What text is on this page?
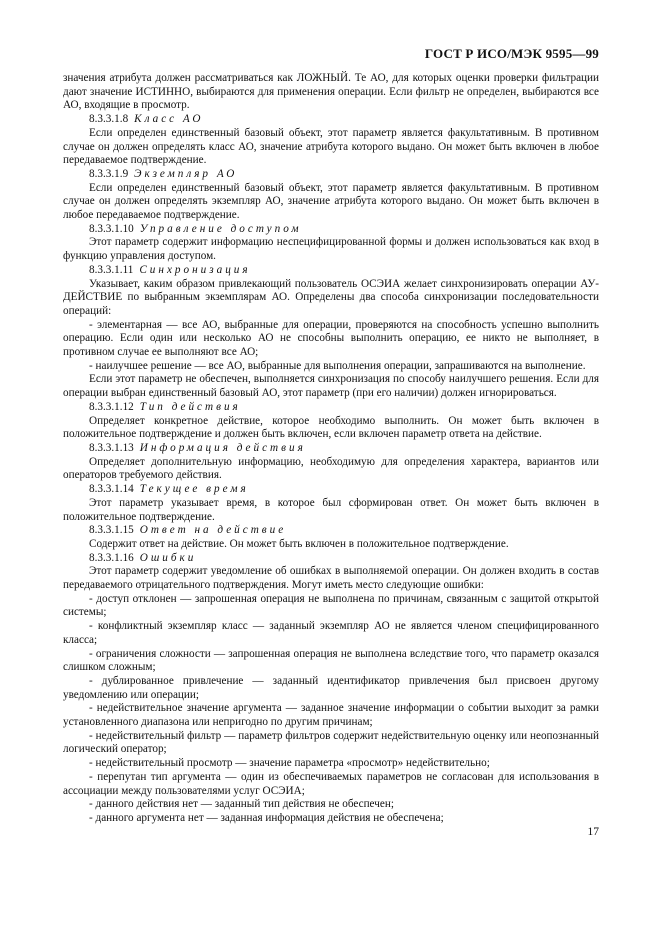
ГОСТ Р ИСО/МЭК 9595—99

значения атрибута должен рассматриваться как ЛОЖНЫЙ. Те АО, для которых оценки проверки фильтрации дают значение ИСТИННО, выбираются для применения операции. Если фильтр не определен, выбираются все АО, входящие в просмотр.

8.3.3.1.8 Класс АО

Если определен единственный базовый объект, этот параметр является факультативным. В противном случае он должен определять класс АО, значение атрибута которого выдано. Он может быть включен в любое передаваемое подтверждение.

8.3.3.1.9 Экземпляр АО

Если определен единственный базовый объект, этот параметр является факультативным. В противном случае он должен определять экземпляр АО, значение атрибута которого выдано. Он может быть включен в любое передаваемое подтверждение.

8.3.3.1.10 Управление доступом

Этот параметр содержит информацию неспецифицированной формы и должен использоваться как вход в функцию управления доступом.

8.3.3.1.11 Синхронизация

Указывает, каким образом привлекающий пользователь ОСЭИА желает синхронизировать операции АУ-ДЕЙСТВИЕ по выбранным экземплярам АО. Определены два способа синхронизации последовательности операций:

- элементарная — все АО, выбранные для операции, проверяются на способность успешно выполнить операцию. Если один или несколько АО не способны выполнить операцию, ее никто не выполняет, в противном случае ее выполняют все АО;

- наилучшее решение — все АО, выбранные для выполнения операции, запрашиваются на выполнение.

Если этот параметр не обеспечен, выполняется синхронизация по способу наилучшего решения. Если для операции выбран единственный базовый АО, этот параметр (при его наличии) должен игнорироваться.

8.3.3.1.12 Тип действия

Определяет конкретное действие, которое необходимо выполнить. Он может быть включен в положительное подтверждение и должен быть включен, если включен параметр ответа на действие.

8.3.3.1.13 Информация действия

Определяет дополнительную информацию, необходимую для определения характера, вариантов или операторов требуемого действия.

8.3.3.1.14 Текущее время

Этот параметр указывает время, в которое был сформирован ответ. Он может быть включен в положительное подтверждение.

8.3.3.1.15 Ответ на действие

Содержит ответ на действие. Он может быть включен в положительное подтверждение.

8.3.3.1.16 Ошибки

Этот параметр содержит уведомление об ошибках в выполняемой операции. Он должен входить в состав передаваемого отрицательного подтверждения. Могут иметь место следующие ошибки:

- доступ отклонен — запрошенная операция не выполнена по причинам, связанным с защитой открытой системы;

- конфликтный экземпляр класс — заданный экземпляр АО не является членом специфицированного класса;

- ограничения сложности — запрошенная операция не выполнена вследствие того, что параметр оказался слишком сложным;

- дублированное привлечение — заданный идентификатор привлечения был присвоен другому уведомлению или операции;

- недействительное значение аргумента — заданное значение информации о событии выходит за рамки установленного диапазона или непригодно по другим причинам;

- недействительный фильтр — параметр фильтров содержит недействительную оценку или неопознанный логический оператор;

- недействительный просмотр — значение параметра «просмотр» недействительно;

- перепутан тип аргумента — один из обеспечиваемых параметров не согласован для использования в ассоциации между пользователями услуг ОСЭИА;

- данного действия нет — заданный тип действия не обеспечен;

- данного аргумента нет — заданная информация действия не обеспечена;

17
